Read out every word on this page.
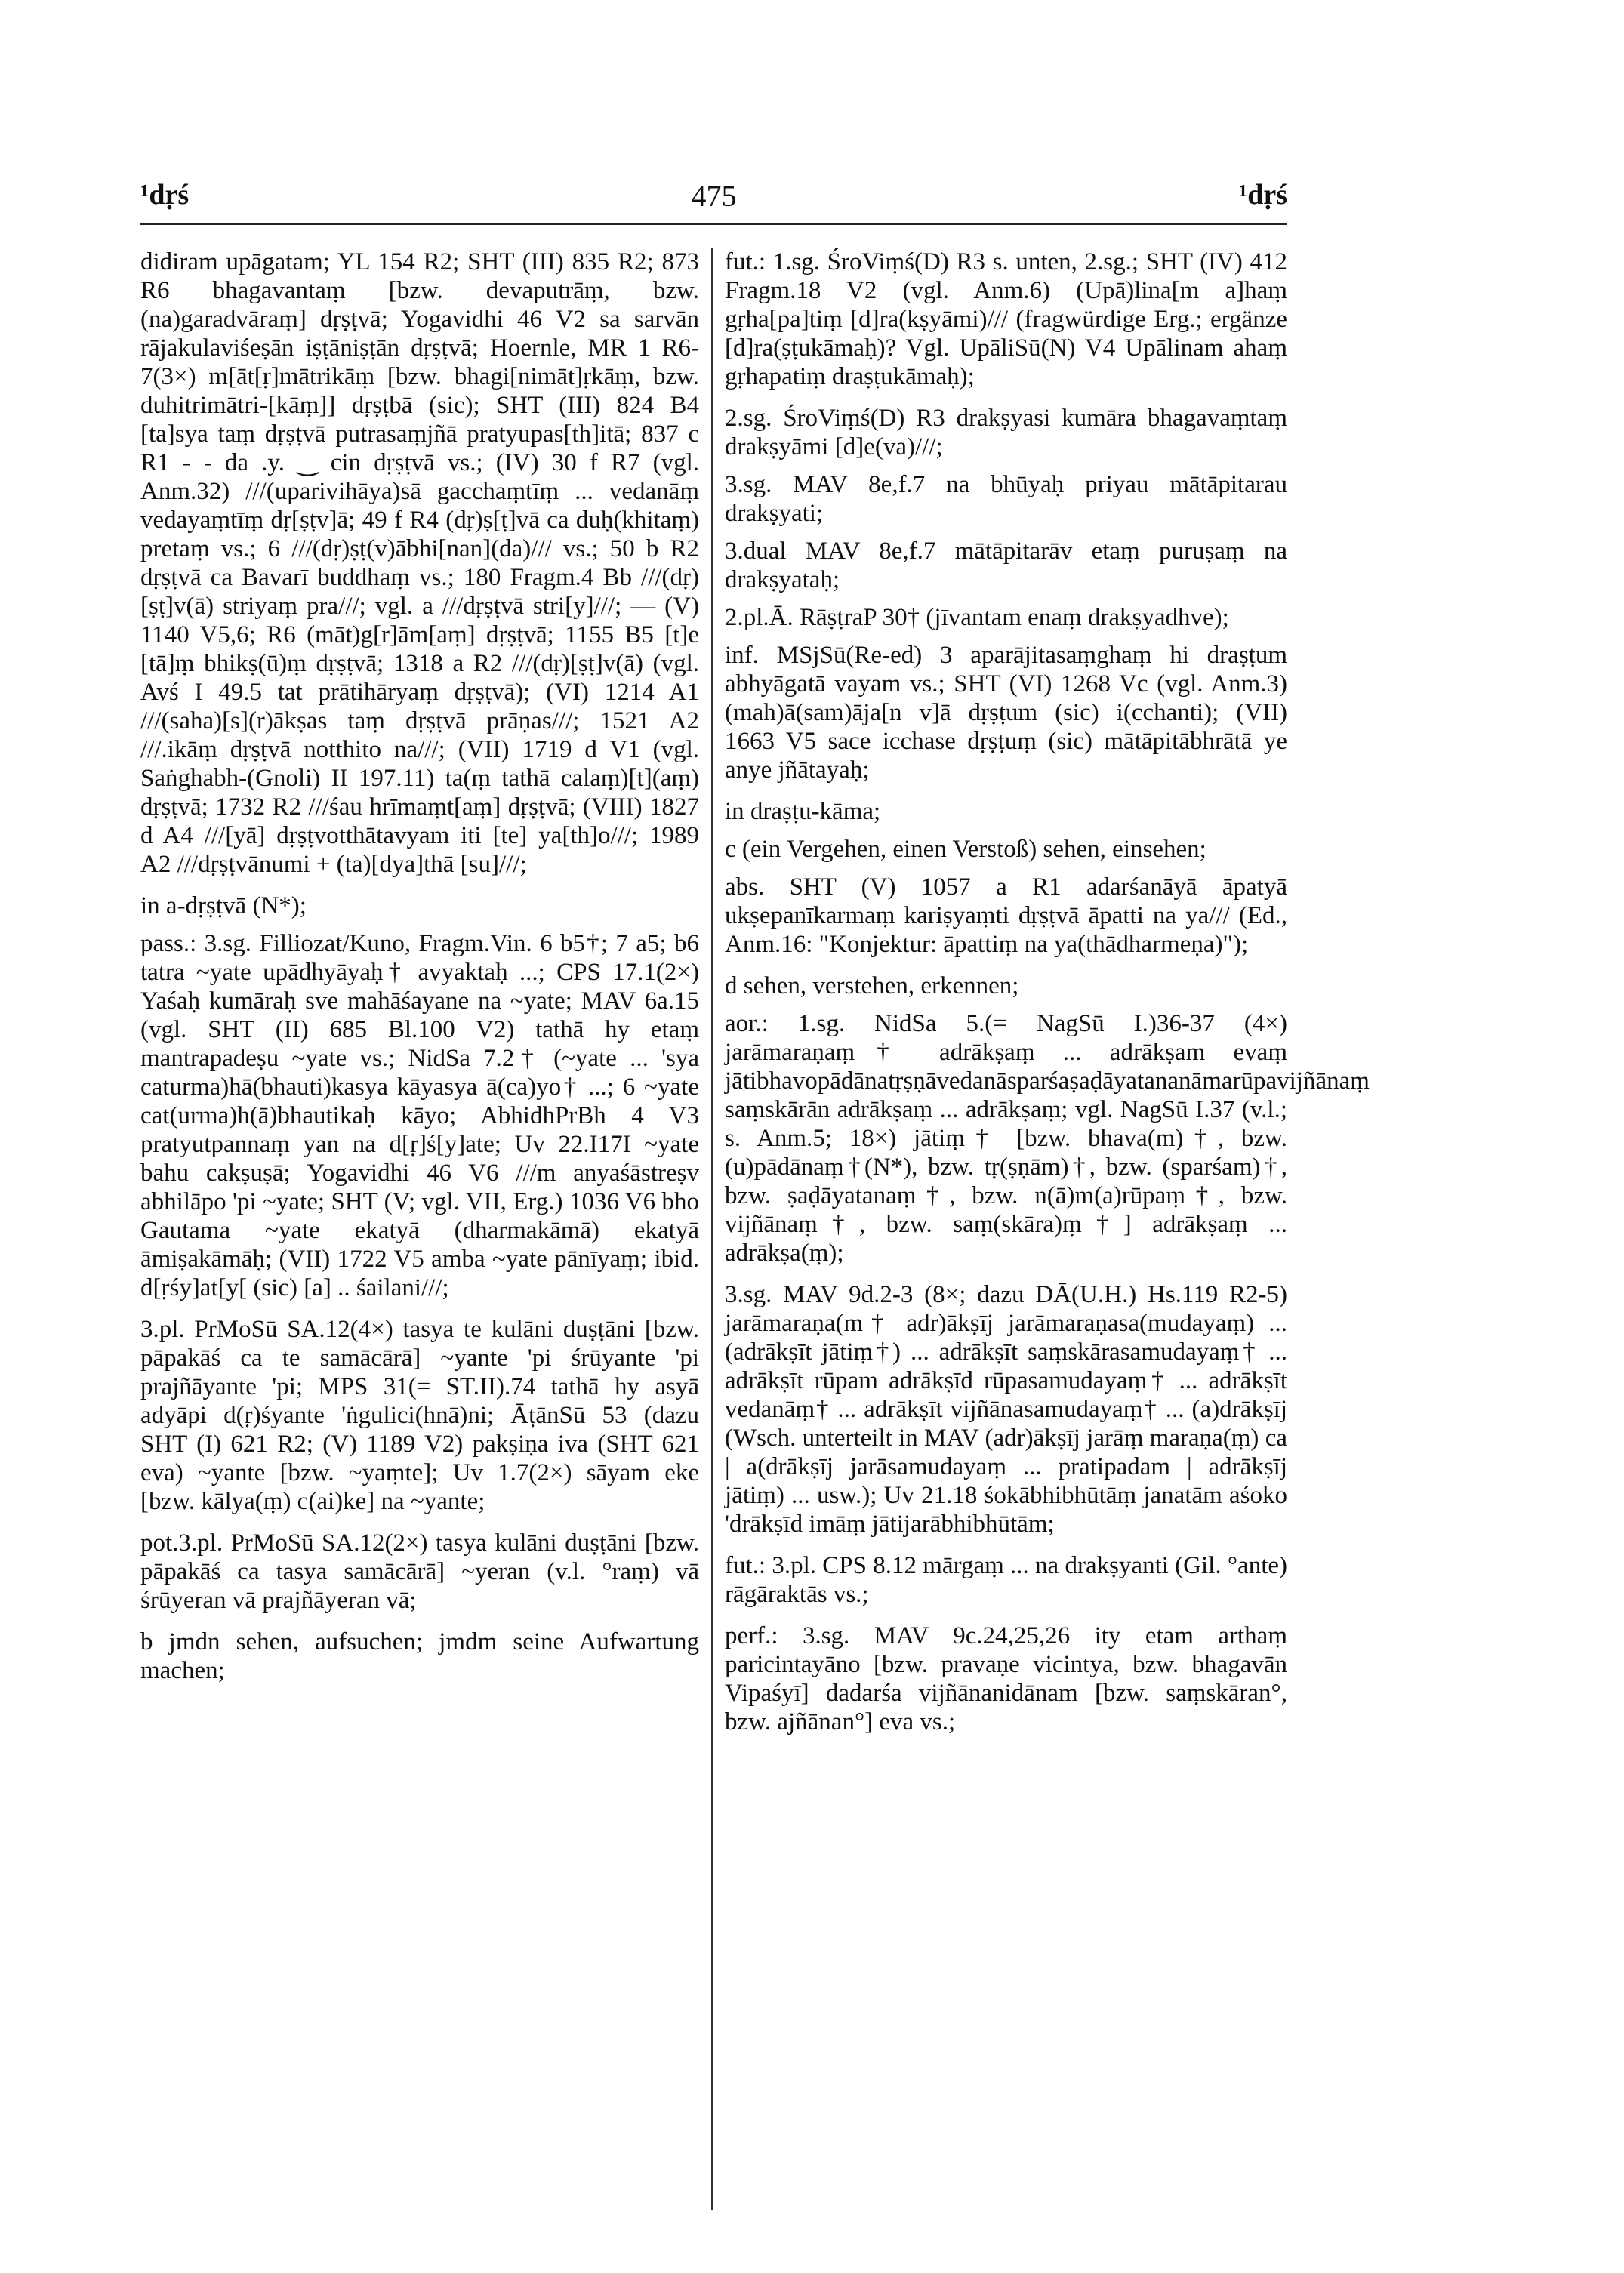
¹dṛś	475	¹dṛś

didiram upāgatam; YL 154 R2; SHT (III) 835 R2; 873 R6 bhagavantaṃ [bzw. devaputrāṃ, bzw. (na)garadvāraṃ] dṛṣṭvā; Yogavidhi 46 V2 sa sarvān rājakulaviśeṣān iṣṭāniṣṭān dṛṣṭvā; Hoernle, MR 1 R6-7(3×) m[āt[ṛ]mātrikāṃ [bzw. bhagi[nimāt]ṛkāṃ, bzw. duhitrimātri-[kāṃ]] dṛṣṭbā (sic); SHT (III) 824 B4 [ta]sya taṃ dṛṣṭvā putrasaṃjñā pratyupas[th]itā; 837 c R1 - - da .y. ‿ cin dṛṣṭvā vs.; (IV) 30 f R7 (vgl. Anm.32) ///(uparivihāya)sā gacchaṃtīṃ ... vedanāṃ vedayaṃtīṃ dṛ[ṣṭv]ā; 49 f R4 (dṛ)ṣ[ṭ]vā ca duḥ(khitaṃ) pretaṃ vs.; 6 ///(dṛ)ṣṭ(v)ābhi[nan](da)/// vs.; 50 b R2 dṛṣṭvā ca Bavarī buddhaṃ vs.; 180 Fragm.4 Bb ///(dṛ)[ṣṭ]v(ā) striyaṃ pra///; vgl. a ///dṛṣṭvā stri[y]///; — (V) 1140 V5,6; R6 (māt)g[r]ām[aṃ] dṛṣṭvā; 1155 B5 [t]e [tā]ṃ bhikṣ(ū)ṃ dṛṣṭvā; 1318 a R2 ///(dṛ)[ṣṭ]v(ā) (vgl. Avś I 49.5 tat prātihāryaṃ dṛṣṭvā); (VI) 1214 A1 ///(saha)[s](r)ākṣas taṃ dṛṣṭvā prāṇas///; 1521 A2 ///.ikāṃ dṛṣṭvā notthito na///; (VII) 1719 d V1 (vgl. Saṅghabh-(Gnoli) II 197.11) ta(ṃ tathā calaṃ)[t](aṃ) dṛṣṭvā; 1732 R2 ///śau hrīmaṃt[aṃ] dṛṣṭvā; (VIII) 1827 d A4 ///[yā] dṛṣṭvotthātavyam iti [te] ya[th]o///; 1989 A2 ///dṛṣṭvānumi + (ta)[dya]thā [su]///;

in a-dṛṣṭvā (N*);

pass.: 3.sg. Filliozat/Kuno, Fragm.Vin. 6 b5†; 7 a5; b6 tatra ~yate upādhyāyaḥ† avyaktaḥ ...; CPS 17.1(2×) Yaśaḥ kumāraḥ sve mahāśayane na ~yate; MAV 6a.15 (vgl. SHT (II) 685 Bl.100 V2) tathā hy etaṃ mantrapadeṣu ~yate vs.; NidSa 7.2† (~yate ... 'sya caturma)hā(bhauti)kasya kāyasya ā(ca)yo† ...; 6 ~yate cat(urma)h(ā)bhautikaḥ kāyo; AbhidhPrBh 4 V3 pratyutpannaṃ yan na d[ṛ]ś[y]ate; Uv 22.I17I ~yate bahu cakṣuṣā; Yogavidhi 46 V6 ///m anyaśāstreṣv abhilāpo 'pi ~yate; SHT (V; vgl. VII, Erg.) 1036 V6 bho Gautama ~yate ekatyā (dharmakāmā) ekatyā āmiṣakāmāḥ; (VII) 1722 V5 amba ~yate pānīyaṃ; ibid. d[ṛśy]at[y[ (sic) [a] .. śailani///;

3.pl. PrMoSū SA.12(4×) tasya te kulāni duṣṭāni [bzw. pāpakāś ca te samācārā] ~yante 'pi śrūyante 'pi prajñāyante 'pi; MPS 31(= ST.II).74 tathā hy asyā adyāpi d(ṛ)śyante 'ṅgulici(hnā)ni; ĀṭānSū 53 (dazu SHT (I) 621 R2; (V) 1189 V2) pakṣiṇa iva (SHT 621 eva) ~yante [bzw. ~yaṃte]; Uv 1.7(2×) sāyam eke [bzw. kālya(ṃ) c(ai)ke] na ~yante;

pot.3.pl. PrMoSū SA.12(2×) tasya kulāni duṣṭāni [bzw. pāpakāś ca tasya samācārā] ~yeran (v.l. °raṃ) vā śrūyeran vā prajñāyeran vā;

b jmdn sehen, aufsuchen; jmdm seine Aufwartung machen;

fut.: 1.sg. ŚroViṃś(D) R3 s. unten, 2.sg.; SHT (IV) 412 Fragm.18 V2 (vgl. Anm.6) (Upā)lina[m a]haṃ gṛha[pa]tiṃ [d]ra(kṣyāmi)/// (fragwürdige Erg.; ergänze [d]ra(ṣṭukāmaḥ)? Vgl. UpāliSū(N) V4 Upālinam ahaṃ gṛhapatiṃ draṣṭukāmaḥ);

2.sg. ŚroViṃś(D) R3 drakṣyasi kumāra bhagavaṃtaṃ drakṣyāmi [d]e(va)///;

3.sg. MAV 8e,f.7 na bhūyaḥ priyau mātāpitarau drakṣyati;

3.dual MAV 8e,f.7 mātāpitarāv etaṃ puruṣaṃ na drakṣyataḥ;

2.pl.Ā. RāṣṭraP 30† (jīvantam enaṃ drakṣyadhve);

inf. MSjSū(Re-ed) 3 aparājitasaṃghaṃ hi draṣṭum abhyāgatā vayam vs.; SHT (VI) 1268 Vc (vgl. Anm.3) (mah)ā(sam)āja[n v]ā dṛṣṭum (sic) i(cchanti); (VII) 1663 V5 sace icchase dṛṣṭuṃ (sic) mātāpitābhrātā ye anye jñātayaḥ;

in draṣṭu-kāma;

c (ein Vergehen, einen Verstoß) sehen, einsehen;

abs. SHT (V) 1057 a R1 adarśanāyā āpatyā ukṣepanīkarmaṃ kariṣyaṃti dṛṣṭvā āpatti na ya/// (Ed., Anm.16: "Konjektur: āpattiṃ na ya(thādharmeṇa)");

d sehen, verstehen, erkennen;

aor.: 1.sg. NidSa 5.(= NagSū I.)36-37 (4×) jarāmaraṇaṃ† adrākṣaṃ ... adrākṣam evaṃ jātibhavopādānatṛṣṇāvedanāsparśaṣaḍāyatananāmarūpavijñānaṃ saṃskārān adrākṣaṃ ... adrākṣaṃ; vgl. NagSū I.37 (v.l.; s. Anm.5; 18×) jātiṃ† [bzw. bhava(m)†, bzw. (u)pādānaṃ†(N*), bzw. tṛ(ṣṇām)†, bzw. (sparśam)†, bzw. ṣaḍāyatanaṃ†, bzw. n(ā)m(a)rūpaṃ†, bzw. vijñānaṃ†, bzw. saṃ(skāra)ṃ†] adrākṣaṃ ... adrākṣa(ṃ);

3.sg. MAV 9d.2-3 (8×; dazu DĀ(U.H.) Hs.119 R2-5) jarāmaraṇa(m† adr)ākṣīj jarāmaraṇasa(mudayaṃ) ... (adrākṣīt jātiṃ†) ... adrākṣīt saṃskārasamudayaṃ† ... adrākṣīt rūpam adrākṣīd rūpasamudayaṃ† ... adrākṣīt vedanāṃ† ... adrākṣīt vijñānasamudayaṃ† ... (a)drākṣīj (Wsch. unterteilt in MAV (adr)ākṣīj jarāṃ maraṇa(ṃ) ca | a(drākṣīj jarāsamudayaṃ ... pratipadam | adrākṣīj jātiṃ) ... usw.); Uv 21.18 śokābhibhūtāṃ janatām aśoko 'drākṣīd imāṃ jātijarābhibhūtām;

fut.: 3.pl. CPS 8.12 mārgaṃ ... na drakṣyanti (Gil. °ante) rāgāraktās vs.;

perf.: 3.sg. MAV 9c.24,25,26 ity etam arthaṃ paricintayāno [bzw. pravaṇe vicintya, bzw. bhagavān Vipaśyī] dadarśa vijñānanidānam [bzw. saṃskāran°, bzw. ajñānan°] eva vs.;
